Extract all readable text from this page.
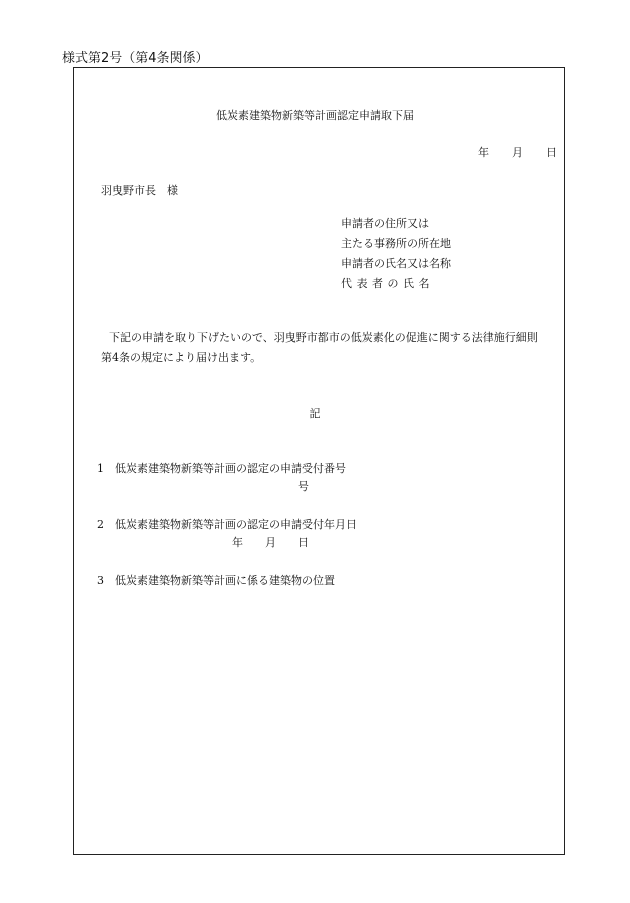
様式第2号（第4条関係）
低炭素建築物新築等計画認定申請取下届
年 月 日
羽曳野市長　様
申請者の住所又は
主たる事務所の所在地
申請者の氏名又は名称
代 表 者 の 氏 名
　下記の申請を取り下げたいので、羽曳野市都市の低炭素化の促進に関する法律施行細則
第4条の規定により届け出ます。
記
1　低炭素建築物新築等計画の認定の申請受付番号
号
2　低炭素建築物新築等計画の認定の申請受付年月日
年 月 日
3　低炭素建築物新築等計画に係る建築物の位置
